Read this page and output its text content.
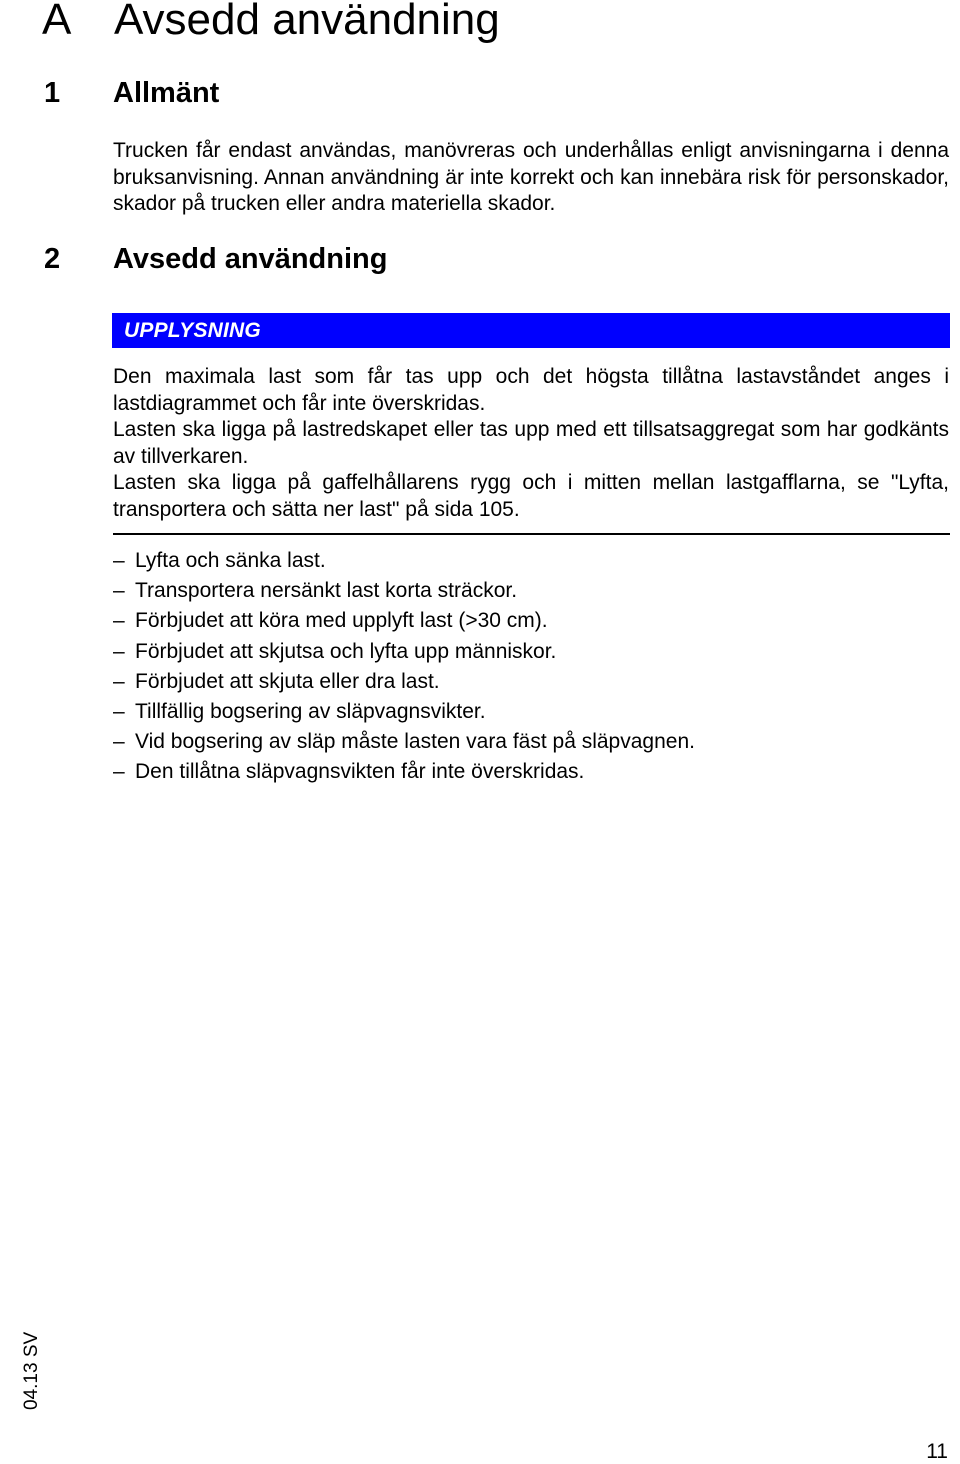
A Avsedd användning
1 Allmänt

Trucken får endast användas, manövreras och underhållas enligt anvisningarna i denna bruksanvisning. Annan användning är inte korrekt och kan innebära risk för personskador, skador på trucken eller andra materiella skador.

2 Avsedd användning
UPPLYSNING

Den maximala last som får tas upp och det högsta tillåtna lastavståndet anges i lastdiagrammet och får inte överskridas.

Lasten ska ligga på lastredskapet eller tas upp med ett tillsatsaggregat som har godkänts av tillverkaren.

Lasten ska ligga på gaffelhållarens rygg och i mitten mellan lastgafflarna, se "Lyfta, transportera och sätta ner last" på sida 105.

– Lyfta och sänka last.
– Transportera nersänkt last korta sträckor.
– Förbjudet att köra med upplyft last (>30 cm).
– Förbjudet att skjutsa och lyfta upp människor.
– Förbjudet att skjuta eller dra last.
– Tillfällig bogsering av släpvagnsvikter.
– Vid bogsering av släp måste lasten vara fäst på släpvagnen.
– Den tillåtna släpvagnsvikten får inte överskridas.
04.13 SV
11
